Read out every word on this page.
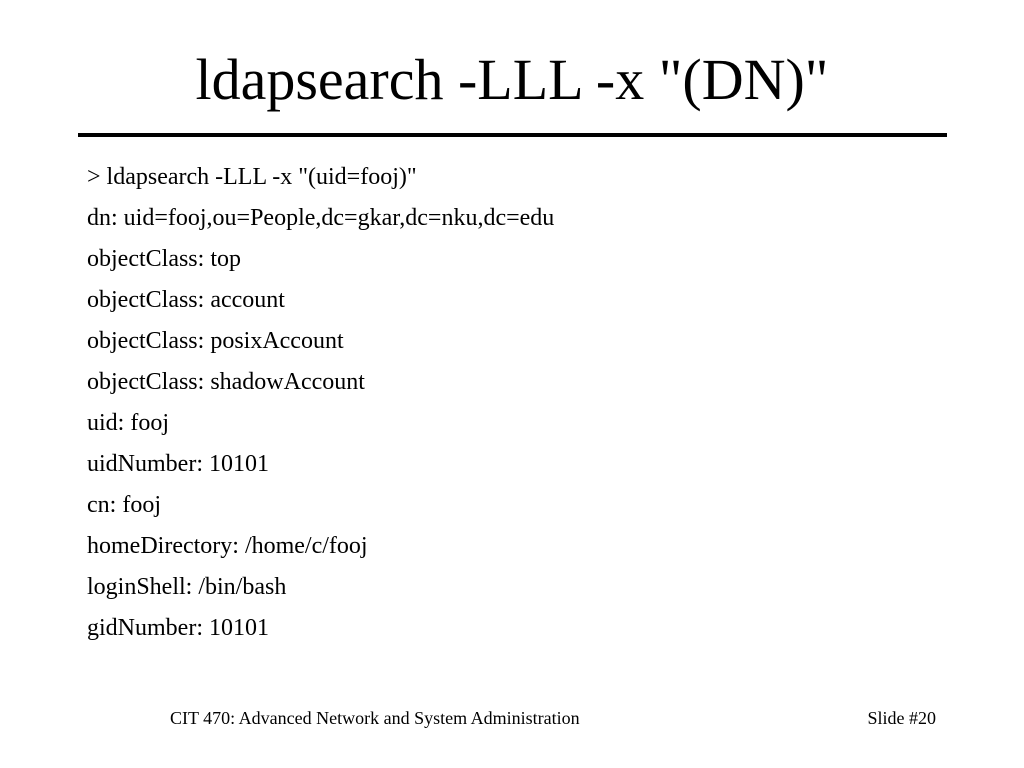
ldapsearch -LLL -x "(DN)"
> ldapsearch -LLL -x "(uid=fooj)"
dn: uid=fooj,ou=People,dc=gkar,dc=nku,dc=edu
objectClass: top
objectClass: account
objectClass: posixAccount
objectClass: shadowAccount
uid: fooj
uidNumber: 10101
cn: fooj
homeDirectory: /home/c/fooj
loginShell: /bin/bash
gidNumber: 10101
CIT 470: Advanced Network and System Administration	Slide #20
